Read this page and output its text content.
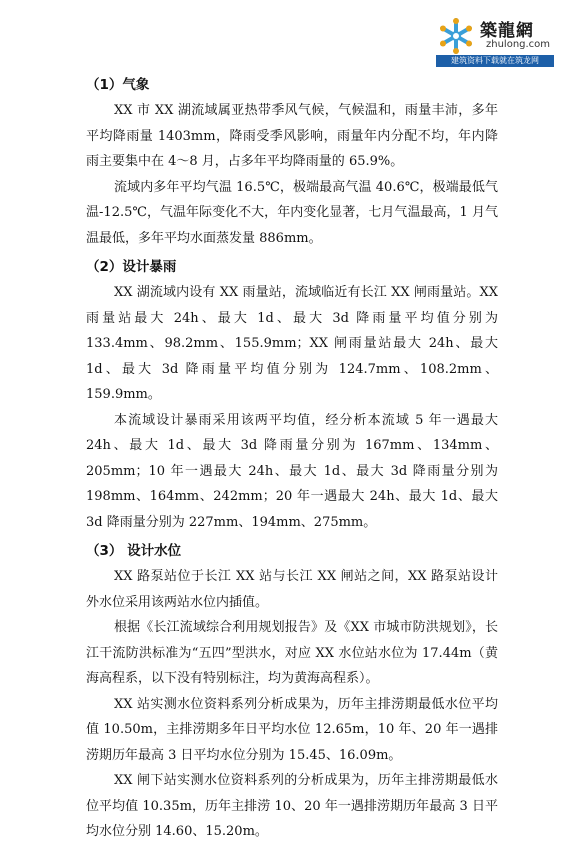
築龍網
zhulong.com
建筑资料下载就在筑龙网

（1）气象

XX 市 XX 湖流域属亚热带季风气候，气候温和，雨量丰沛，多年平均降雨量 1403mm，降雨受季风影响，雨量年内分配不均，年内降雨主要集中在 4～8 月，占多年平均降雨量的 65.9%。

流域内多年平均气温 16.5℃，极端最高气温 40.6℃，极端最低气温-12.5℃，气温年际变化不大，年内变化显著，七月气温最高，1 月气温最低，多年平均水面蒸发量 886mm。

（2）设计暴雨

XX 湖流域内设有 XX 雨量站，流域临近有长江 XX 闸雨量站。XX 雨量站最大 24h、最大 1d、最大 3d 降雨量平均值分别为 133.4mm、98.2mm、155.9mm；XX 闸雨量站最大 24h、最大 1d、最大 3d 降雨量平均值分别为 124.7mm、108.2mm、159.9mm。

本流域设计暴雨采用该两平均值，经分析本流域 5 年一遇最大 24h、最大 1d、最大 3d 降雨量分别为 167mm、134mm、205mm；10 年一遇最大 24h、最大 1d、最大 3d 降雨量分别为 198mm、164mm、242mm；20 年一遇最大 24h、最大 1d、最大 3d 降雨量分别为 227mm、194mm、275mm。

（3） 设计水位

XX 路泵站位于长江 XX 站与长江 XX 闸站之间，XX 路泵站设计外水位采用该两站水位内插值。

根据《长江流域综合利用规划报告》及《XX 市城市防洪规划》，长江干流防洪标准为“五四”型洪水，对应 XX 水位站水位为 17.44m（黄海高程系，以下没有特别标注，均为黄海高程系）。

XX 站实测水位资料系列分析成果为，历年主排涝期最低水位平均值 10.50m，主排涝期多年日平均水位 12.65m，10 年、20 年一遇排涝期历年最高 3 日平均水位分别为 15.45、16.09m。

XX 闸下站实测水位资料系列的分析成果为，历年主排涝期最低水位平均值 10.35m，历年主排涝 10、20 年一遇排涝期历年最高 3 日平均水位分别 14.60、15.20m。
